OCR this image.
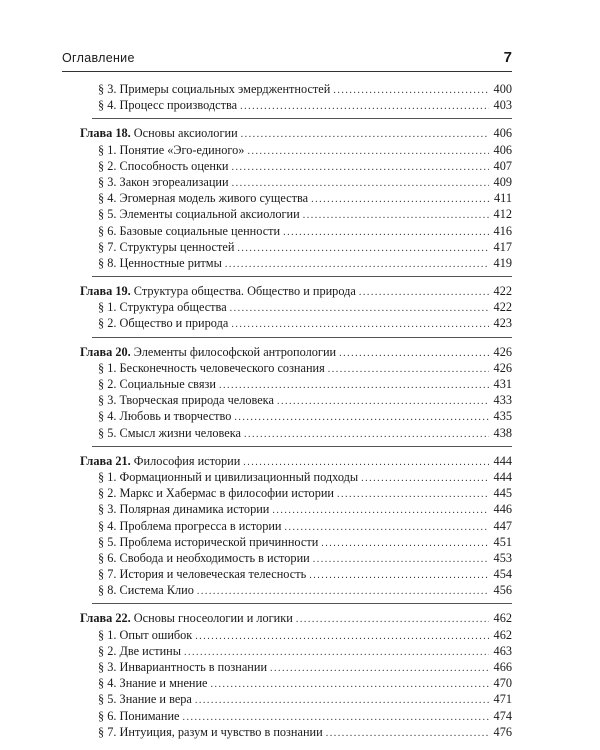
Оглавление	7
§ 3. Примеры социальных эмерджентностей .....	400
§ 4. Процесс производства .....	403
Глава 18. Основы аксиологии .....	406
§ 1. Понятие «Эго-единого» .....	406
§ 2. Способность оценки .....	407
§ 3. Закон эгореализации .....	409
§ 4. Эгомерная модель живого существа .....	411
§ 5. Элементы социальной аксиологии .....	412
§ 6. Базовые социальные ценности .....	416
§ 7. Структуры ценностей .....	417
§ 8. Ценностные ритмы .....	419
Глава 19. Структура общества. Общество и природа .....	422
§ 1. Структура общества .....	422
§ 2. Общество и природа .....	423
Глава 20. Элементы философской антропологии .....	426
§ 1. Бесконечность человеческого сознания .....	426
§ 2. Социальные связи .....	431
§ 3. Творческая природа человека .....	433
§ 4. Любовь и творчество .....	435
§ 5. Смысл жизни человека .....	438
Глава 21. Философия истории .....	444
§ 1. Формационный и цивилизационный подходы .....	444
§ 2. Маркс и Хабермас в философии истории .....	445
§ 3. Полярная динамика истории .....	446
§ 4. Проблема прогресса в истории .....	447
§ 5. Проблема исторической причинности .....	451
§ 6. Свобода и необходимость в истории .....	453
§ 7. История и человеческая телесность .....	454
§ 8. Система Клио .....	456
Глава 22. Основы гносеологии и логики .....	462
§ 1. Опыт ошибок .....	462
§ 2. Две истины .....	463
§ 3. Инвариантность в познании .....	466
§ 4. Знание и мнение .....	470
§ 5. Знание и вера .....	471
§ 6. Понимание .....	474
§ 7. Интуиция, разум и чувство в познании .....	476
